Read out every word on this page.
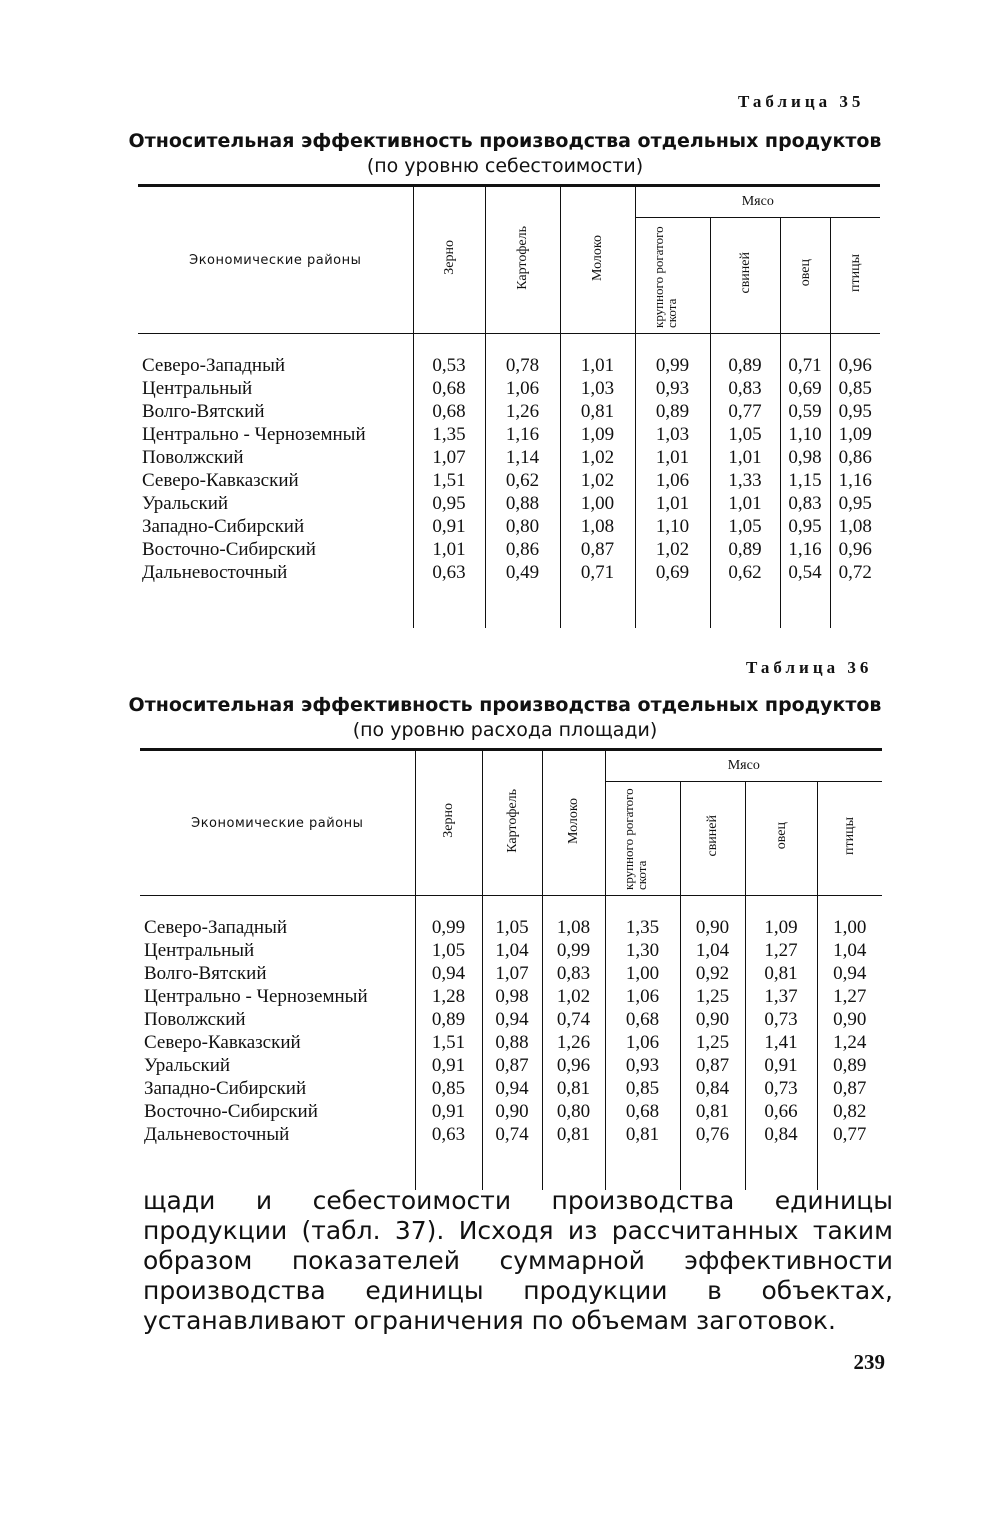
Таблица 35
Относительная эффективность производства отдельных продуктов
(по уровню себестоимости)
Экономические районы	Зерно	Картофель	Молоко	Мясо			
				крупного рогатого скота	свиней	овец	птицы

Северо-Западный	0,53	0,78	1,01	0,99	0,89	0,71	0,96
Центральный	0,68	1,06	1,03	0,93	0,83	0,69	0,85
Волго-Вятский	0,68	1,26	0,81	0,89	0,77	0,59	0,95
Центрально - Черноземный	1,35	1,16	1,09	1,03	1,05	1,10	1,09
Поволжский	1,07	1,14	1,02	1,01	1,01	0,98	0,86
Северо-Кавказский	1,51	0,62	1,02	1,06	1,33	1,15	1,16
Уральский	0,95	0,88	1,00	1,01	1,01	0,83	0,95
Западно-Сибирский	0,91	0,80	1,08	1,10	1,05	0,95	1,08
Восточно-Сибирский	1,01	0,86	0,87	1,02	0,89	1,16	0,96
Дальневосточный	0,63	0,49	0,71	0,69	0,62	0,54	0,72

Таблица 36
Относительная эффективность производства отдельных продуктов
(по уровню расхода площади)
Экономические районы	Зерно	Картофель	Молоко	Мясо			
				крупного рогатого скота	свиней	овец	птицы

Северо-Западный	0,99	1,05	1,08	1,35	0,90	1,09	1,00
Центральный	1,05	1,04	0,99	1,30	1,04	1,27	1,04
Волго-Вятский	0,94	1,07	0,83	1,00	0,92	0,81	0,94
Центрально - Черноземный	1,28	0,98	1,02	1,06	1,25	1,37	1,27
Поволжский	0,89	0,94	0,74	0,68	0,90	0,73	0,90
Северо-Кавказский	1,51	0,88	1,26	1,06	1,25	1,41	1,24
Уральский	0,91	0,87	0,96	0,93	0,87	0,91	0,89
Западно-Сибирский	0,85	0,94	0,81	0,85	0,84	0,73	0,87
Восточно-Сибирский	0,91	0,90	0,80	0,68	0,81	0,66	0,82
Дальневосточный	0,63	0,74	0,81	0,81	0,76	0,84	0,77

щади и себестоимости производства единицы продукции (табл. 37). Исходя из рассчитанных таким образом показателей суммарной эффективности производства единицы продукции в объектах, устанавливают ограничения по объемам заготовок.
239
